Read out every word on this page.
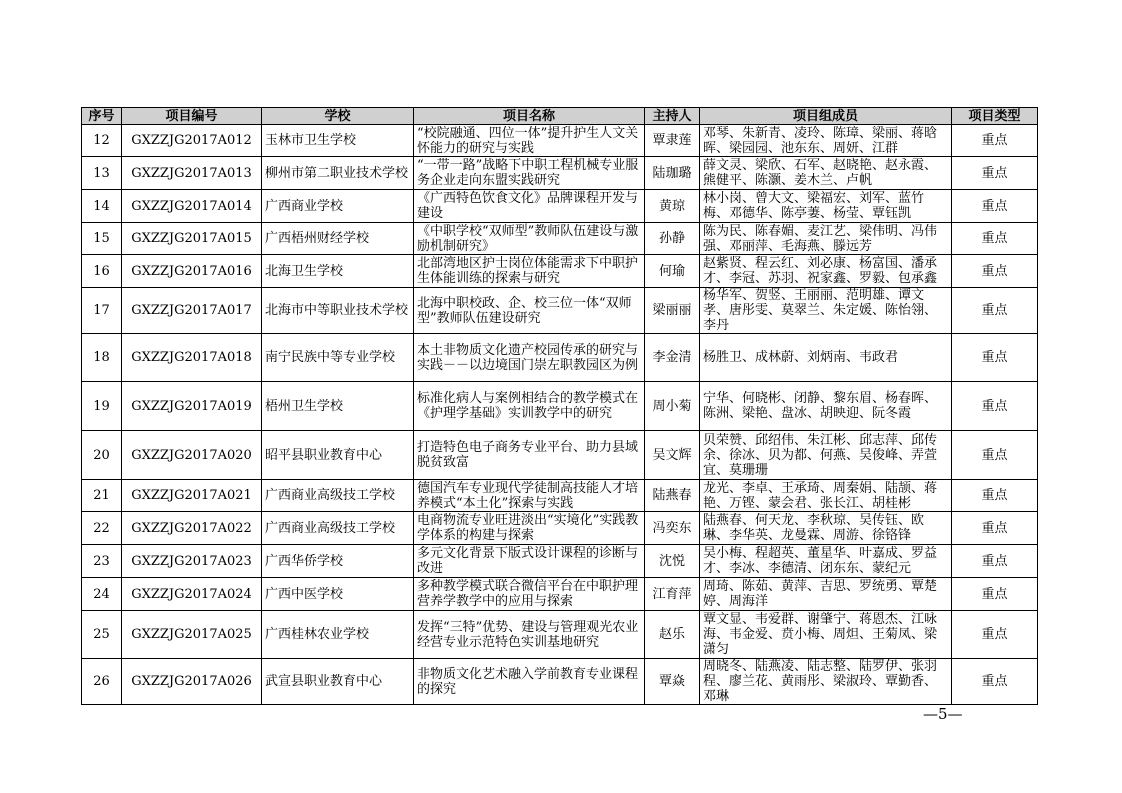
序号	项目编号	学校	项目名称	主持人	项目组成员	项目类型
12	GXZZJG2017A012	玉林市卫生学校	“校院融通、四位一体”提升护生人文关怀能力的研究与实践	覃隶莲	邓琴、朱新青、凌玲、陈璋、梁丽、蒋晗晖、梁园园、池东东、周妍、江群	重点
13	GXZZJG2017A013	柳州市第二职业技术学校	“一带一路”战略下中职工程机械专业服务企业走向东盟实践研究	陆珈璐	薛文灵、梁欣、石军、赵晓艳、赵永霞、熊健平、陈灏、姜木兰、卢帆	重点
14	GXZZJG2017A014	广西商业学校	《广西特色饮食文化》品牌课程开发与建设	黄琼	林小岗、曾大文、梁福宏、刘军、蓝竹梅、邓德华、陈亭萋、杨莹、覃钰凯	重点
15	GXZZJG2017A015	广西梧州财经学校	《中职学校“双师型”教师队伍建设与激励机制研究》	孙静	陈为民、陈春媚、麦江艺、梁伟明、冯伟强、邓丽萍、毛海燕、滕远芳	重点
16	GXZZJG2017A016	北海卫生学校	北部湾地区护士岗位体能需求下中职护生体能训练的探索与研究	何瑜	赵紫贤、程云红、刘必康、杨富国、潘承才、李冠、苏羽、祝家鑫、罗毅、包承鑫	重点
17	GXZZJG2017A017	北海市中等职业技术学校	北海中职校政、企、校三位一体“双师型”教师队伍建设研究	梁丽丽	杨华军、贺竖、王丽丽、范明雄、谭文孝、唐彤雯、莫翠兰、朱定媛、陈怡翎、李丹	重点
18	GXZZJG2017A018	南宁民族中等专业学校	本土非物质文化遗产校园传承的研究与实践－－以边境国门崇左职教园区为例	李金清	杨胜卫、成林蔚、刘炳南、韦政君	重点
19	GXZZJG2017A019	梧州卫生学校	标准化病人与案例相结合的教学模式在《护理学基础》实训教学中的研究	周小菊	宁华、何晓彬、闭静、黎东眉、杨春晖、陈洲、梁艳、盘冰、胡映迎、阮冬霞	重点
20	GXZZJG2017A020	昭平县职业教育中心	打造特色电子商务专业平台、助力县域脱贫致富	吴文辉	贝荣赞、邱绍伟、朱江彬、邱志萍、邱传余、徐冰、贝为都、何燕、吴俊峰、弄萱宜、莫珊珊	重点
21	GXZZJG2017A021	广西商业高级技工学校	德国汽车专业现代学徒制高技能人才培养模式“本土化”探索与实践	陆燕春	龙光、李卓、王承琦、周秦娟、陆颉、蒋艳、万铿、蒙会君、张长江、胡桂彬	重点
22	GXZZJG2017A022	广西商业高级技工学校	电商物流专业旺进淡出“实境化”实践教学体系的构建与探索	冯奕东	陆燕春、何天龙、李秋琼、吴传钰、欧琳、李华英、龙曼霖、周游、徐铬锋	重点
23	GXZZJG2017A023	广西华侨学校	多元文化背景下版式设计课程的诊断与改进	沈悦	吴小梅、程超英、董星华、叶嘉成、罗益才、李冰、李德清、闭东东、蒙纪元	重点
24	GXZZJG2017A024	广西中医学校	多种教学模式联合微信平台在中职护理营养学教学中的应用与探索	江育萍	周琦、陈茹、黄萍、吉思、罗统勇、覃楚婷、周海洋	重点
25	GXZZJG2017A025	广西桂林农业学校	发挥“三特”优势、建设与管理观光农业经营专业示范特色实训基地研究	赵乐	覃文显、韦爱群、谢肇宁、蒋恩杰、江咏海、韦金爱、贲小梅、周炟、王菊凤、梁潇匀	重点
26	GXZZJG2017A026	武宣县职业教育中心	非物质文化艺术融入学前教育专业课程的探究	覃焱	周晓冬、陆燕凌、陆志整、陆罗伊、张羽程、廖兰花、黄雨彤、梁淑玲、覃勤香、邓琳	重点
—5—
